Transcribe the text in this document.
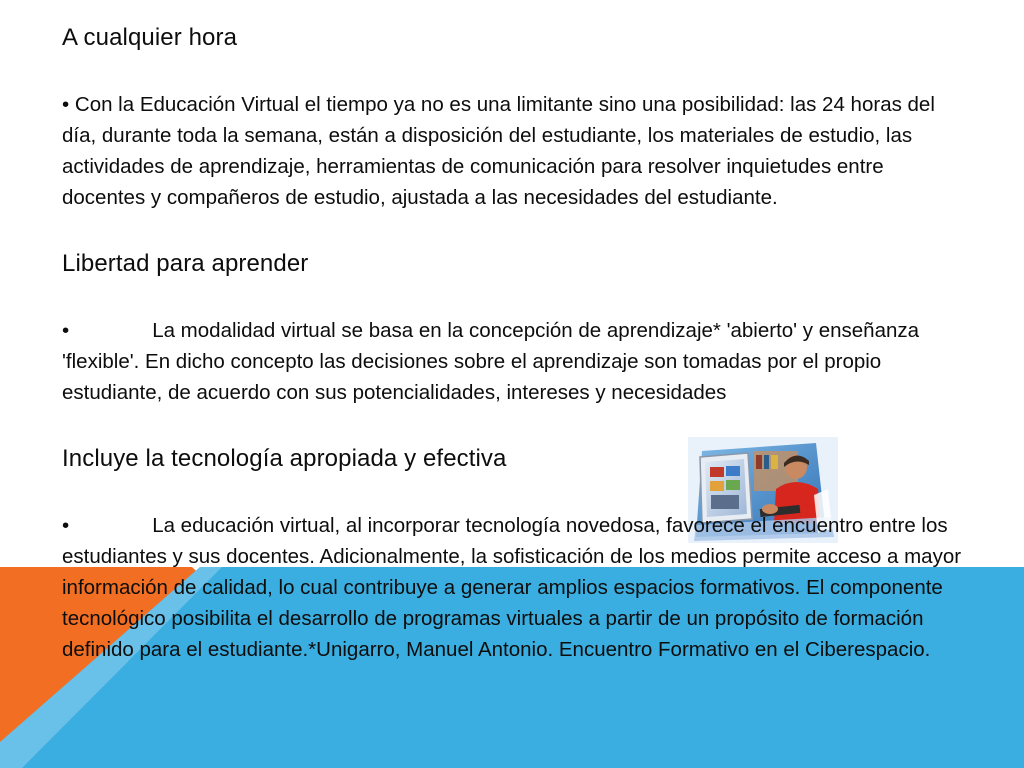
A cualquier hora

• Con la Educación Virtual el tiempo ya no es una limitante sino una posibilidad: las 24 horas del día, durante toda la semana, están a disposición del estudiante, los materiales de estudio, las actividades de aprendizaje, herramientas de comunicación para resolver inquietudes entre docentes y compañeros de estudio, ajustada a las necesidades del estudiante.

Libertad para aprender

•	La modalidad virtual se basa en la concepción de aprendizaje* 'abierto' y enseñanza 'flexible'. En dicho concepto las decisiones sobre el aprendizaje son tomadas por el propio estudiante, de acuerdo con sus potencialidades, intereses y necesidades

Incluye la tecnología apropiada y efectiva

•	La educación virtual, al incorporar tecnología novedosa, favorece el encuentro entre los estudiantes y sus docentes. Adicionalmente, la sofisticación de los medios permite acceso a mayor información de calidad, lo cual contribuye a generar amplios espacios formativos. El componente tecnológico posibilita el desarrollo de programas virtuales a partir de un propósito de formación definido para el estudiante.*Unigarro, Manuel Antonio. Encuentro Formativo en el Ciberespacio.
